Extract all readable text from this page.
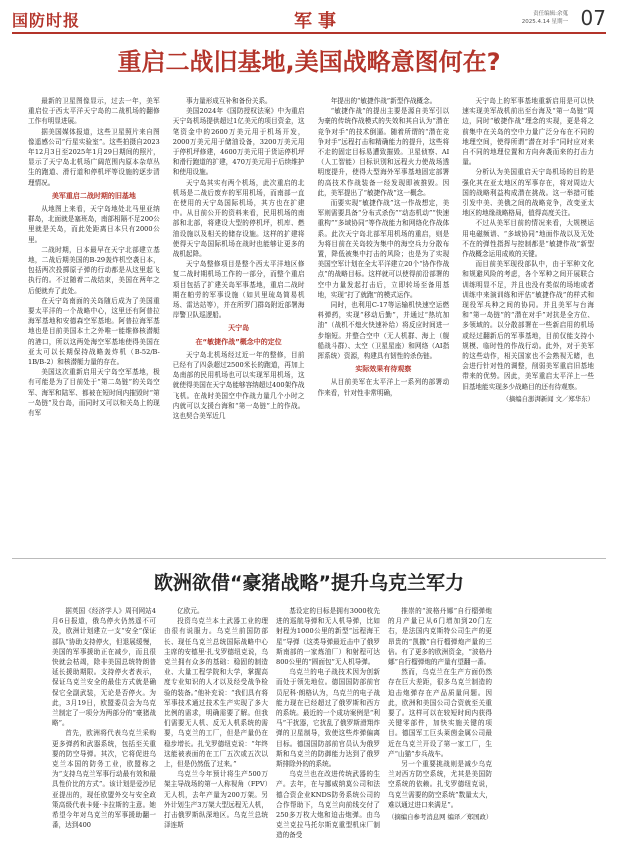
国防时报	军事	责任编辑:余蒐
2025.4.14 星期一 07
重启二战旧基地,美国战略意图何在?

最新的卫星图像显示，过去一年，美军重启位于西太平洋天宁岛的二战机场的翻修工作有明显进展。

据美国媒体报道，这些卫星照片来自图像遥感公司“行星实验室”。这些拍摄自2023年12月3日至2025年1月29日期间的照片，显示了天宁岛北机场广阔范围内原本杂草丛生的跑道、滑行道和停机坪等设施的逐步清理情况。

美军重启二战时期的旧基地

从地图上来看，天宁岛地处北马里亚纳群岛，北面就是塞班岛，南部相隔不足200公里就是关岛，而此处距离日本只有2000公里。

二战时期，日本最早在天宁北部建立基地，二战后期美国的B-29轰炸机空袭日本，包括两次投掷原子弹的行动都是从这里起飞执行的。不过随着二战结束，美国在两年之后便就弃了此处。

在天宁岛南面的关岛随后成为了美国重要太平洋的一个战略中心，这里还有阿普拉海军基地和安德森空军基地。阿普拉海军基地也是目前美国本土之外唯一能维修核潜艇的港口，所以这两处海空军基地使得美国在亚太可以长期保持战略轰炸机（B-52/B-1B/B-2）和核潜艇力量的存在。

美国这次重新启用天宁岛空军基地，极有可能是为了目前处于“第二岛链”的关岛空军、海军和陆军、都被在短时间内摧毁时“第一岛链”及台岛，而同时又可以和关岛上的现有军

事力量形成互补和备份关系。

美国2024年《国防授权法案》中为重启天宁岛机场提供超过1亿美元的项目资金，这笔资金中的2600万美元用于机场开发，2000万美元用于储油设备，3200万美元用于停机坪修建，4600万美元用于货运停机坪和滑行跑道的扩建，470万美元用于后续维护和使用设施。

天宁岛其实有两个机场，此次重启的北机场是二战后废弃的军用机场，而南部一直在使用的天宁岛国际机场，其方也在扩建中。从目前公开的资料来看，民用机场的南部和北部，将建设大型的停机坪，机库、燃油设施以及相关的储存设施。这样的扩建将使得天宁岛国际机场在战时也能够让更多的战机起降。

天宁岛整修项目是整个西太平洋地区修复二战时期机场工作的一部分，而整个重启项目包括了扩建关岛军事基地，重启二战时期在帕劳的军事设施（如贝里琉岛简易机场、雷达站等），并在所罗门群岛附近部署海岸警卫队巡逻船。

天宁岛
在“敏捷作战”概念中的定位

天宁岛北机场经过近一年的整修，目前已经有了四条超过2500米长的跑道，再加上岛南部的民用机场也可以实现军用机场，这就使得美国在天宁岛能够容纳超过400架作战飞机。在战时美国空中作战力量几个小时之内就可以支援台海和“第一岛链”上的作战。这也契合美军近几

年提出的“敏捷作战”新型作战概念。

“敏捷作战”的提出主要是源自美军引以为豪的传统作战模式的失效和其自认为“潜在竞争对手”的技术倒逼。随着所谓的“潜在竞争对手”远程打击和精确能力的提升，这些将不走的固定目标易遭致摧毁。卫星侦察、AI（人工智能）目标识别和远程火力使战场透明度提升，使得大型海外军事基地固定部署的高技术作战装备一经发现即被推毁。因此，美军提出了“敏捷作战”这一概念。

而要实现“敏捷作战”这一作战想定，美军则需要具备“分布式杀伤”“动态机动”“快速重构”“多域协同”等作战能力和网络化作战体系。此次天宁岛北部军用机场的重启，则是为将目前在关岛较为集中的海空兵力分散布置，降低被集中打击的风险；也是为了实现美国空军计划在全太平洋建立20个“协作作战点”的战略目标。这样就可以使得前沿部署的空中力量发起打击后，立即转场至备用基地，实现“打了就跑”的模式运作。

同时，也利用C-17等运输机快速空运燃料弹药，实现“移动后勤”，并通过“热坑加油”（战机不熄火快速补给）将反应时间进一步缩短。并整合空中（无人机群、海上（舰船战斗群）、太空（卫星星座）和网络（AI指挥系统）资源，构建具有韧性的杀伤链。

实际效果有待观察

从目前美军在太平洋上一系列的部署动作来看，针对性非常明确，

天宁岛上的军事基地重新启用是可以快速实现美军战机前出至台海及“第一岛链”周边，同时“敏捷作战”理念的实现，更是将之前集中在关岛的空中力量广泛分布在不同的地理空间，使得所谓“潜在对手”同时应对来自不同的地理位置和方向奔袭而来的打击力量。

分析认为美国重启天宁岛机场的目的是强化其在亚太地区的军事存在，将对周边大国的战略利益构成潜在挑战。这一举措可能引发中美、美俄之间的战略竞争，改变亚太地区的地缘战略格局，值得高度关注。

不过从美军目前的情况来看，大规模运用电磁频谱、“多域协同”地面作战以及无处不在的弹性指挥与控制都是“敏捷作战”新型作战概念运用成败的关键。

而目前美军现役部队中，由于军种文化和规避风险的考虑，各个军种之间开展联合训练明显不足，并且也没有类似的场地或者训练中来演训练和评估“敏捷作战”的样式和现役军兵种之间的协同。并且美军与台海和“第一岛链”的“潜在对手”对抗是全方位、多领域的。以分散部署在一些新启用的机场或经过翻新后的军事基地，目前仅能支持小规模、临时性的作战行动。此外，对于美军的这些动作，相关国家也不会熟视无睹，也会进行针对性的调整，削弱美军重启旧基地带来的优势。因此，美军重启太平洋上一些旧基地能实现多少战略目的还有待观察。

（摘编自澎湃新闻 文／郑华东）
欧洲欲借“豪猪战略”提升乌克兰军力

据英国《经济学人》周刊网站4月6日报道，俄乌停火仍然遥不可及，欧洲计划建立一支“安全”保证部队“协助支持停火，但退展缓慢，美国的军事援助正在减少，而且很快就会枯竭，除非美国总统特朗普延长援助期限。支持停火者表示，保证乌克兰安全的最佳方式就是确保它全副武装，无论是否停火。为此，3月19日，欧盟委员会为乌克兰制定了一项分为两部分的“豪猪战略”。

首先，欧洲将代表乌克兰采购更多弹药和武器系统，包括至关重要的防空导弹。其次，它将促进乌克兰本国的防务工业，欧盟称之为“支持乌克兰军事行动最有效和最具性价比的方式”。该计划是爱沙尼亚提出的，现任欧盟外交与安全政策高级代表卡娅·卡拉斯的主意。她希望今年对乌克兰的军事援助翻一番，达到400

亿欧元。

投资乌克兰本土武器工业的理由很有说服力。乌克兰前国防部长、现任乌克兰总统国际战略中心主席的安德里·扎戈罗德纽克说，乌克兰拥有众多的基础：稳固的制造业、大量工程学院和大学，掌握高度专业知识的人才以及经受战争检验的装备。”他补充说：“我们具有将军事技术通过技术生产实现了多大比例的需求，明确需要了解。但我们需要无人机、反无人机系统的需要，乌克兰的工厂，但是产量仍在稳步增长。扎戈罗德纽克说：“年终这能被表面的在工厂五次或五次以上，但是仍然低了过来。”

乌克兰今年预计将生产500万架主导战场的第一人称视角（FPV）无人机，去年产量为200万架。另外计划生产3万架大型远程无人机，打击俄罗斯纵深地区。乌克兰总统泽连斯

基设定的目标是拥有3000枚先进的巡航导弹和无人机导弹，比如射程为1000公里的新型“远程海王星”导弹（这类导弹最近击中了俄罗斯南部的一家炼油厂）和射程可达800公里的“圆面包”无人机导弹。

乌克兰的电子战技术因为创新而处于领先地位。德国国防部前官员尼科·朗格认为，乌克兰的电子战能力现在已经超过了俄罗斯和西方的系统。最近的一个成功案例是“利马”干扰器，它扰乱了俄罗斯滑翔炸弹的卫星制导，致使这些炸弹偏离目标。德国国防部前官员认为俄罗斯和乌克兰的防御能力达到了俄罗斯排除外的的系统。

乌克兰也在改进传统武器的生产。去年，在与挪威纳莫公司和法德合资企业KNDS防务系统公司的合作帮助下，乌克兰向前线交付了250多万枚大炮和迫击炮弹。由乌克兰克拉马托尔斯克重型机床厂制造的备受

推崇的“波格丹娜”自行榴弹炮的月产量已从6门增加到20门左右，是法国内克斯特公司生产的更昂贵的“凯撒”自行榴弹炮产量的三倍。有了更多的欧洲资金，“波格丹娜”自行榴弹炮的产量有望翻一番。

然而，乌克兰在生产方面仍然存在巨大差距，很多乌克兰制造的迫击炮弹存在产品质量问题。因此，欧洲和美国公司合资就至关重要了。这样可以在较短时间内获得关键零部件，加快实施关键的项目。德国军工巨头莱茵金属公司最近在乌克兰开设了第一家工厂，生产“山猫”步兵战车。

另一个重要挑战则是减少乌克兰对西方防空系统，尤其是美国防空系统的依赖。扎戈罗德纽克说，乌克兰需要的防空系统”数量太大，难以通过进口来满足”。

（摘编自参考消息网 编译／郑国政）
